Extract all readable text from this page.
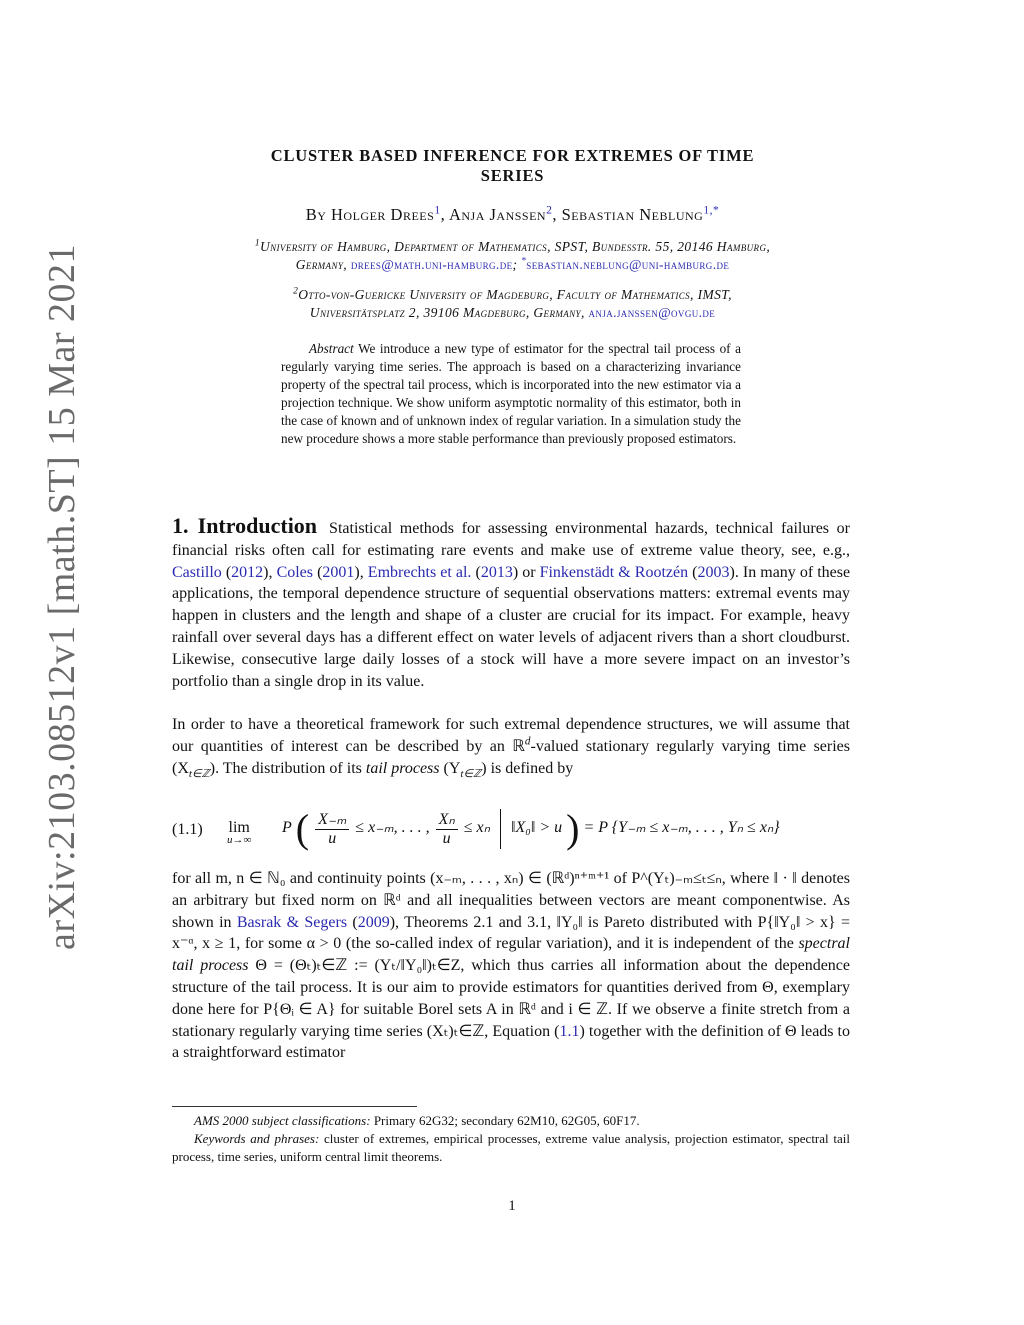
arXiv:2103.08512v1 [math.ST] 15 Mar 2021
CLUSTER BASED INFERENCE FOR EXTREMES OF TIME
SERIES
By Holger Drees$^1$, Anja Janssen$^2$, Sebastian Neblung$^{1,*}$
$^1$University of Hamburg, Department of Mathematics, SPST, Bundesstr. 55, 20146 Hamburg,
Germany, drees@math.uni-hamburg.de; *sebastian.neblung@uni-hamburg.de
$^2$Otto-von-Guericke University of Magdeburg, Faculty of Mathematics, IMST,
Universitätsplatz 2, 39106 Magdeburg, Germany, anja.janssen@ovgu.de
Abstract We introduce a new type of estimator for the spectral tail process of a regularly varying time series. The approach is based on a characterizing invariance property of the spectral tail process, which is incorporated into the new estimator via a projection technique. We show uniform asymptotic normality of this estimator, both in the case of known and of unknown index of regular variation. In a simulation study the new procedure shows a more stable performance than previously proposed estimators.
1. Introduction Statistical methods for assessing environmental hazards, technical failures or financial risks often call for estimating rare events and make use of extreme value theory, see, e.g., Castillo (2012), Coles (2001), Embrechts et al. (2013) or Finkenstädt & Rootzén (2003). In many of these applications, the temporal dependence structure of sequential observations matters: extremal events may happen in clusters and the length and shape of a cluster are crucial for its impact. For example, heavy rainfall over several days has a different effect on water levels of adjacent rivers than a short cloudburst. Likewise, consecutive large daily losses of a stock will have a more severe impact on an investor’s portfolio than a single drop in its value.
In order to have a theoretical framework for such extremal dependence structures, we will assume that our quantities of interest can be described by an ℝ$^d$-valued stationary regularly varying time series $(X_{t\in ℤ})$. The distribution of its tail process $(Y_{t\in ℤ})$ is defined by
(1.1) lim
u→∞
P ( $\frac{\text{X₋ₘ}}{u} \le x_{-m}$, . . . , $\frac{\text{Xₙ}}{u} \le x_n$ ‖X₀‖ > u ) = P {Y₋ₘ ≤ x₋ₘ, . . . , Yₙ ≤ xₙ}
for all m, n ∈ ℕ₀ and continuity points (x₋ₘ, . . . , xₙ) ∈ (ℝᵈ)ⁿ⁺ᵐ⁺¹ of P^(Yₜ)₋ₘ≤ₜ≤ₙ, where ‖ · ‖ denotes an arbitrary but fixed norm on ℝᵈ and all inequalities between vectors are meant componentwise. As shown in Basrak & Segers (2009), Theorems 2.1 and 3.1, ‖Y₀‖ is Pareto distributed with P{‖Y₀‖ > x} = x⁻ᵅ, x ≥ 1, for some α > 0 (the so-called index of regular variation), and it is independent of the spectral tail process Θ = (Θₜ)ₜ∈ℤ := (Yₜ/‖Y₀‖)ₜ∈Z, which thus carries all information about the dependence structure of the tail process. It is our aim to provide estimators for quantities derived from Θ, exemplary done here for P{Θᵢ ∈ A} for suitable Borel sets A in ℝᵈ and i ∈ ℤ. If we observe a finite stretch from a stationary regularly varying time series (Xₜ)ₜ∈ℤ, Equation (1.1) together with the definition of Θ leads to a straightforward estimator
AMS 2000 subject classifications: Primary 62G32; secondary 62M10, 62G05, 60F17.
Keywords and phrases: cluster of extremes, empirical processes, extreme value analysis, projection estimator, spectral tail process, time series, uniform central limit theorems.
1
